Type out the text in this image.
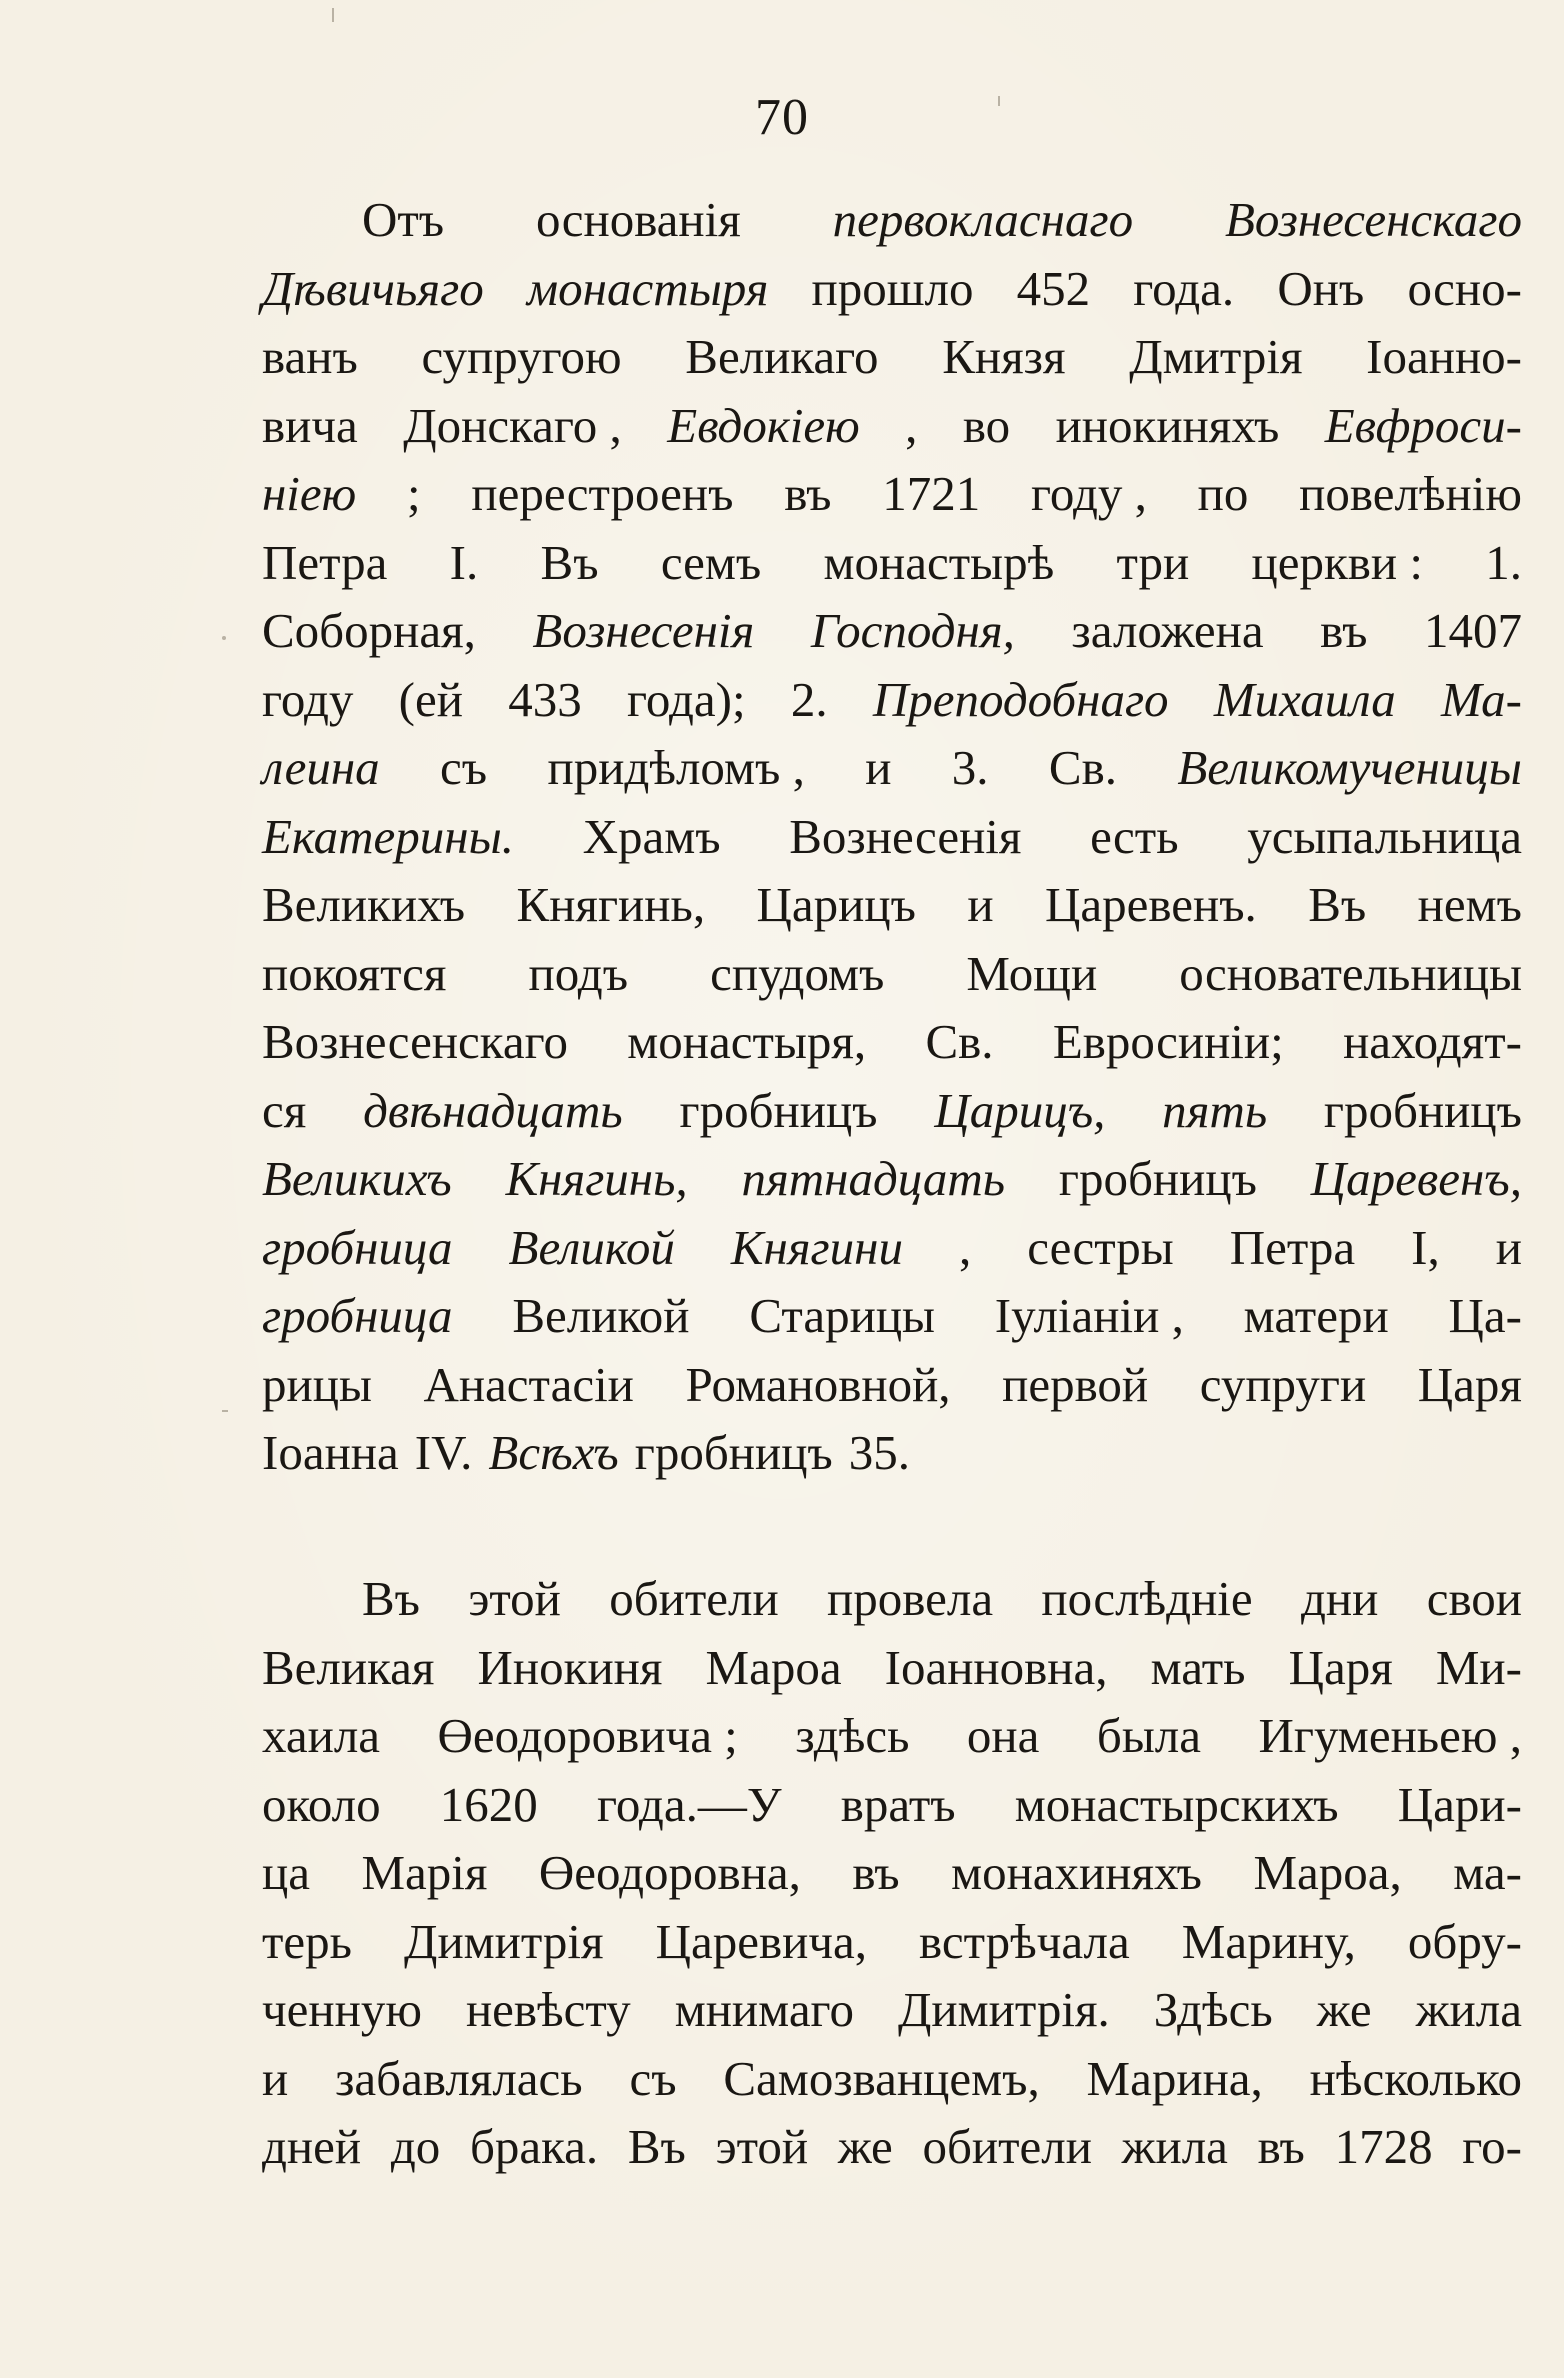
70
Отъ основанія первокласнаго Вознесенскаго
Дѣвичьяго монастыря прошло 452 года. Онъ осно-
ванъ супругою Великаго Князя Дмитрія Іоанно-
вича Донскаго , Евдокіею , во инокиняхъ Евфроси-
ніею ; перестроенъ въ 1721 году , по повелѣнію
Петра I. Въ семъ монастырѣ три церкви : 1.
Соборная, Вознесенія Господня, заложена въ 1407
году (ей 433 года); 2. Преподобнаго Михаила Ма-
леина съ придѣломъ , и 3. Св. Великомученицы
Екатерины. Храмъ Вознесенія есть усыпальница
Великихъ Княгинь, Царицъ и Царевенъ. Въ немъ
покоятся подъ спудомъ Мощи основательницы
Вознесенскаго монастыря, Св. Евросиніи; находят-
ся двѣнадцать гробницъ Царицъ, пять гробницъ
Великихъ Княгинь, пятнадцать гробницъ Царевенъ,
гробница Великой Княгини , сестры Петра I, и
гробница Великой Старицы Іуліаніи , матери Ца-
рицы Анастасіи Романовной, первой супруги Царя
Іоанна IV. Всѣхъ гробницъ 35.
Въ этой обители провела послѣдніе дни свои
Великая Инокиня Мароа Іоанновна, мать Царя Ми-
хаила Өеодоровича ; здѣсь она была Игуменьею ,
около 1620 года.—У вратъ монастырскихъ Цари-
ца Марія Өеодоровна, въ монахиняхъ Мароа, ма-
терь Димитрія Царевича, встрѣчала Марину, обру-
ченную невѣсту мнимаго Димитрія. Здѣсь же жила
и забавлялась съ Самозванцемъ, Марина, нѣсколько
дней до брака. Въ этой же обители жила въ 1728 го-
